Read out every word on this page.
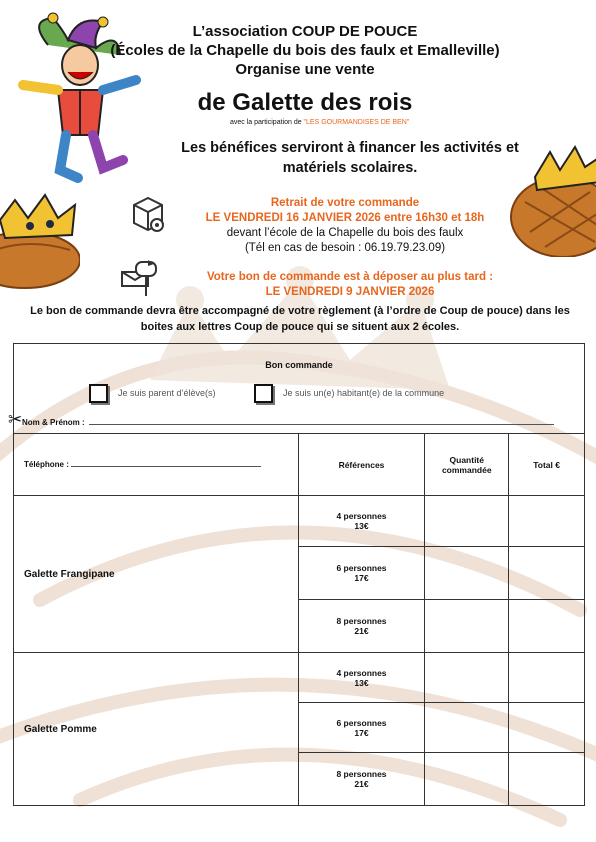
L’association COUP DE POUCE
(Écoles de la Chapelle du bois des faulx et Emalleville)
Organise une vente
de Galette des rois
avec la participation de "LES GOURMANDISES DE BEN"
Les bénéfices serviront à financer les activités et matériels scolaires.
Retrait de votre commande
LE VENDREDI 16 JANVIER 2026 entre 16h30 et 18h
devant l’école de la Chapelle du bois des faulx
(Tél en cas de besoin : 06.19.79.23.09)
Votre bon de commande est à déposer au plus tard :
LE VENDREDI 9 JANVIER 2026
Le bon de commande devra être accompagné de votre règlement (à l’ordre de Coup de pouce) dans les boites aux lettres Coup de pouce qui se situent aux 2 écoles.
✂
Bon commande
Je suis parent d’élève(s) Je suis un(e) habitant(e) de la commune
Nom & Prénom :			

Téléphone :	Références	Quantité commandée	Total €
Galette Frangipane	4 personnes
13€		

	6 personnes
17€		

	8 personnes
21€		

Galette Pomme	4 personnes
13€		

	6 personnes
17€		

	8 personnes
21€		
